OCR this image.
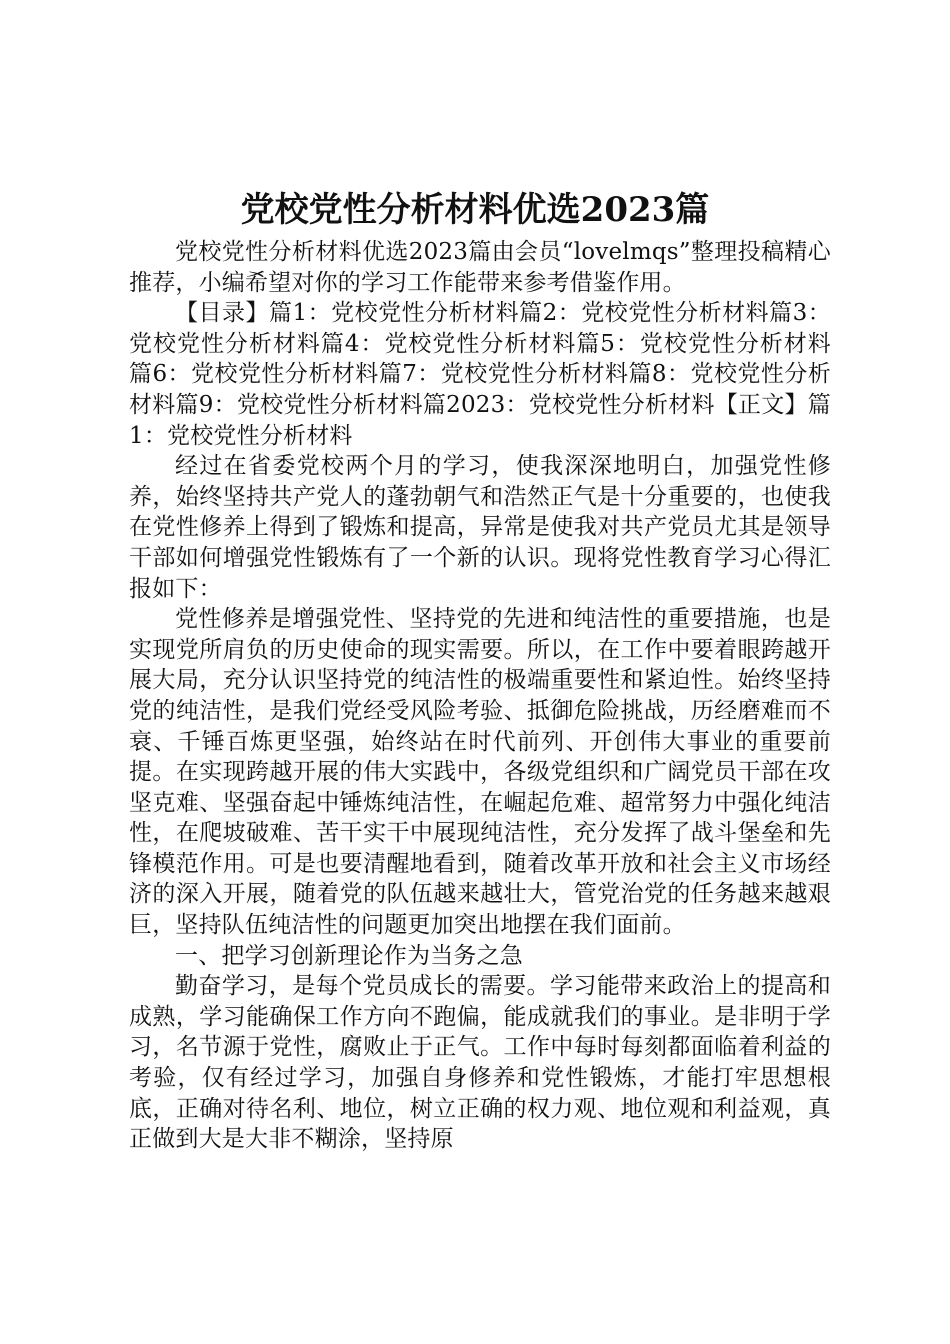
党校党性分析材料优选2023篇

党校党性分析材料优选2023篇由会员“lovelmqs”整理投稿精心推荐，小编希望对你的学习工作能带来参考借鉴作用。

【目录】篇1：党校党性分析材料篇2：党校党性分析材料篇3：党校党性分析材料篇4：党校党性分析材料篇5：党校党性分析材料篇6：党校党性分析材料篇7：党校党性分析材料篇8：党校党性分析材料篇9：党校党性分析材料篇2023：党校党性分析材料【正文】篇1：党校党性分析材料

经过在省委党校两个月的学习，使我深深地明白，加强党性修养，始终坚持共产党人的蓬勃朝气和浩然正气是十分重要的，也使我在党性修养上得到了锻炼和提高，异常是使我对共产党员尤其是领导干部如何增强党性锻炼有了一个新的认识。现将党性教育学习心得汇报如下：

党性修养是增强党性、坚持党的先进和纯洁性的重要措施，也是实现党所肩负的历史使命的现实需要。所以，在工作中要着眼跨越开展大局，充分认识坚持党的纯洁性的极端重要性和紧迫性。始终坚持党的纯洁性，是我们党经受风险考验、抵御危险挑战，历经磨难而不衰、千锤百炼更坚强，始终站在时代前列、开创伟大事业的重要前提。在实现跨越开展的伟大实践中，各级党组织和广阔党员干部在攻坚克难、坚强奋起中锤炼纯洁性，在崛起危难、超常努力中强化纯洁性，在爬坡破难、苦干实干中展现纯洁性，充分发挥了战斗堡垒和先锋模范作用。可是也要清醒地看到，随着改革开放和社会主义市场经济的深入开展，随着党的队伍越来越壮大，管党治党的任务越来越艰巨，坚持队伍纯洁性的问题更加突出地摆在我们面前。

一、把学习创新理论作为当务之急

勤奋学习，是每个党员成长的需要。学习能带来政治上的提高和成熟，学习能确保工作方向不跑偏，能成就我们的事业。是非明于学习，名节源于党性，腐败止于正气。工作中每时每刻都面临着利益的考验，仅有经过学习，加强自身修养和党性锻炼，才能打牢思想根底，正确对待名利、地位，树立正确的权力观、地位观和利益观，真正做到大是大非不糊涂，坚持原
